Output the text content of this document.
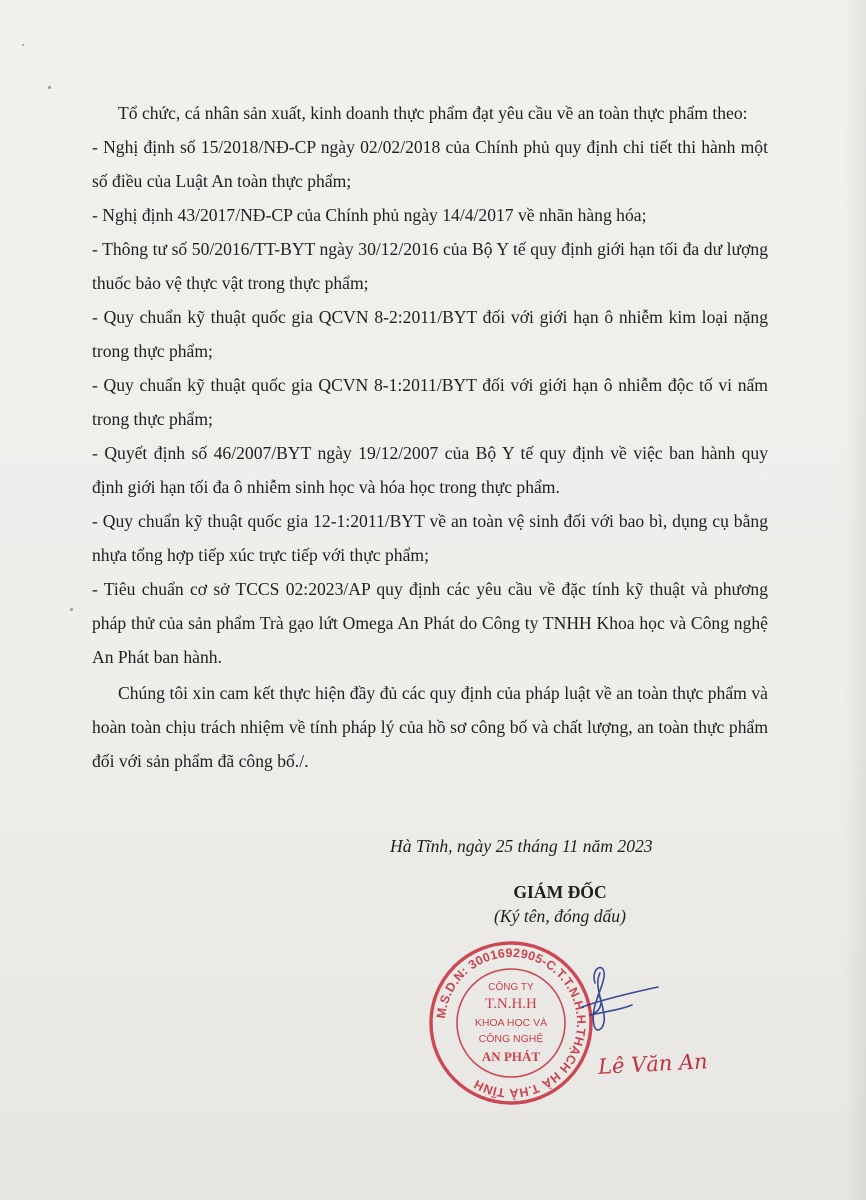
Tổ chức, cá nhân sản xuất, kinh doanh thực phẩm đạt yêu cầu về an toàn thực phẩm theo:

- Nghị định số 15/2018/NĐ-CP ngày 02/02/2018 của Chính phủ quy định chi tiết thi hành một số điều của Luật An toàn thực phẩm;

- Nghị định 43/2017/NĐ-CP của Chính phủ ngày 14/4/2017 về nhãn hàng hóa;

- Thông tư số 50/2016/TT-BYT ngày 30/12/2016 của Bộ Y tế quy định giới hạn tối đa dư lượng thuốc bảo vệ thực vật trong thực phẩm;

- Quy chuẩn kỹ thuật quốc gia QCVN 8-2:2011/BYT đối với giới hạn ô nhiễm kim loại nặng trong thực phẩm;

- Quy chuẩn kỹ thuật quốc gia QCVN 8-1:2011/BYT đối với giới hạn ô nhiễm độc tố vi nấm trong thực phẩm;

- Quyết định số 46/2007/BYT ngày 19/12/2007 của Bộ Y tế quy định về việc ban hành quy định giới hạn tối đa ô nhiễm sinh học và hóa học trong thực phẩm.

- Quy chuẩn kỹ thuật quốc gia 12-1:2011/BYT về an toàn vệ sinh đối với bao bì, dụng cụ bằng nhựa tổng hợp tiếp xúc trực tiếp với thực phẩm;

- Tiêu chuẩn cơ sở TCCS 02:2023/AP quy định các yêu cầu về đặc tính kỹ thuật và phương pháp thử của sản phẩm Trà gạo lứt Omega An Phát do Công ty TNHH Khoa học và Công nghệ An Phát ban hành.

Chúng tôi xin cam kết thực hiện đầy đủ các quy định của pháp luật về an toàn thực phẩm và hoàn toàn chịu trách nhiệm về tính pháp lý của hồ sơ công bố và chất lượng, an toàn thực phẩm đối với sản phẩm đã công bố./.

Hà Tĩnh, ngày 25 tháng 11 năm 2023
GIÁM ĐỐC
(Ký tên, đóng dấu)
M.S.D.N: 3001692905-C.T.T.N.H.H.THẠCH HÀ T.HÀ TĨNH
CÔNG TY
T.N.H.H
KHOA HỌC VÀ
CÔNG NGHỆ
AN PHÁT	Lê Văn An
